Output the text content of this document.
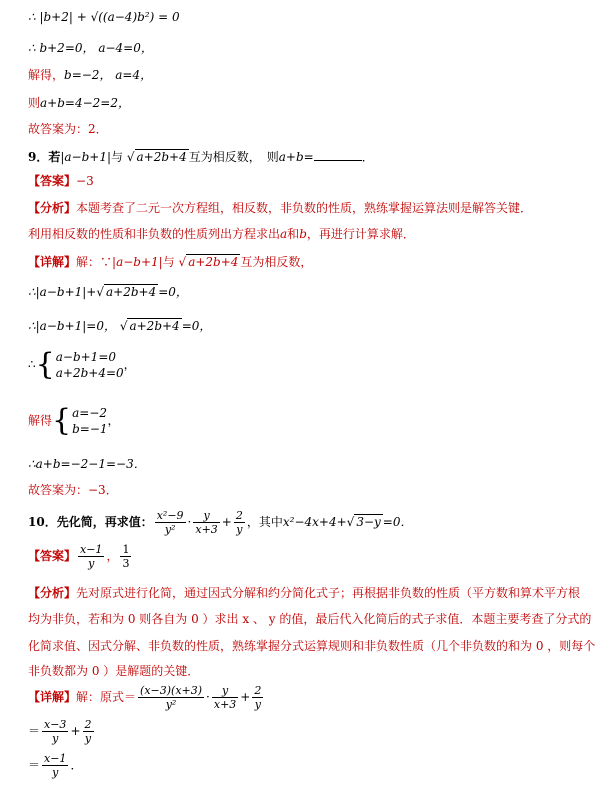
∴ |b+2| + √((a−4)b²) = 0
∴ b+2=0， a−4=0，
解得，b=−2， a=4，
则a+b=4−2=2，
故答案为：2．
9．若|a−b+1|与 √ a+2b+4 互为相反数，　则a+b=	．
【答案】−3
【分析】本题考查了二元一次方程组，相反数，非负数的性质，熟练掌握运算法则是解答关键．
利用相反数的性质和非负数的性质列出方程求出a和b，再进行计算求解．
【详解】解：∵|a−b+1|与 √ a+2b+4 互为相反数，
∴|a−b+1|+√ a+2b+4 =0，
∴|a−b+1|=0， √ a+2b+4 =0，
∴{ a−b+1=0
a+2b+4=0
，
解得{ a=−2
b=−1
，
∴a+b=−2−1=−3．
故答案为：−3．
10．先化简，再求值： $\frac{\text{x²−9}}{\text{y²}} \cdot \frac{y}{x+3} + \frac{2}{y}$ ，其中x²−4x+4+√ 3−y =0．
【答案】 $\frac{x-1}{y}$ ， $\frac{1}{3}$
【分析】先对原式进行化简，通过因式分解和约分简化式子；再根据非负数的性质（平方数和算术平方根
均为非负，若和为 0 则各自为 0 ）求出 x 、 y 的值，最后代入化简后的式子求值．本题主要考查了分式的
化简求值、因式分解、非负数的性质，熟练掌握分式运算规则和非负数性质（几个非负数的和为 0 ，则每个
非负数都为 0 ）是解题的关键．
【详解】解：原式＝ $\frac{(x-3)(x+3)}{\text{y²}} \cdot \frac{y}{x+3} + \frac{2}{y}$
＝ $\frac{x-3}{y} + \frac{2}{y}$
＝ $\frac{x-1}{y}$ ．
